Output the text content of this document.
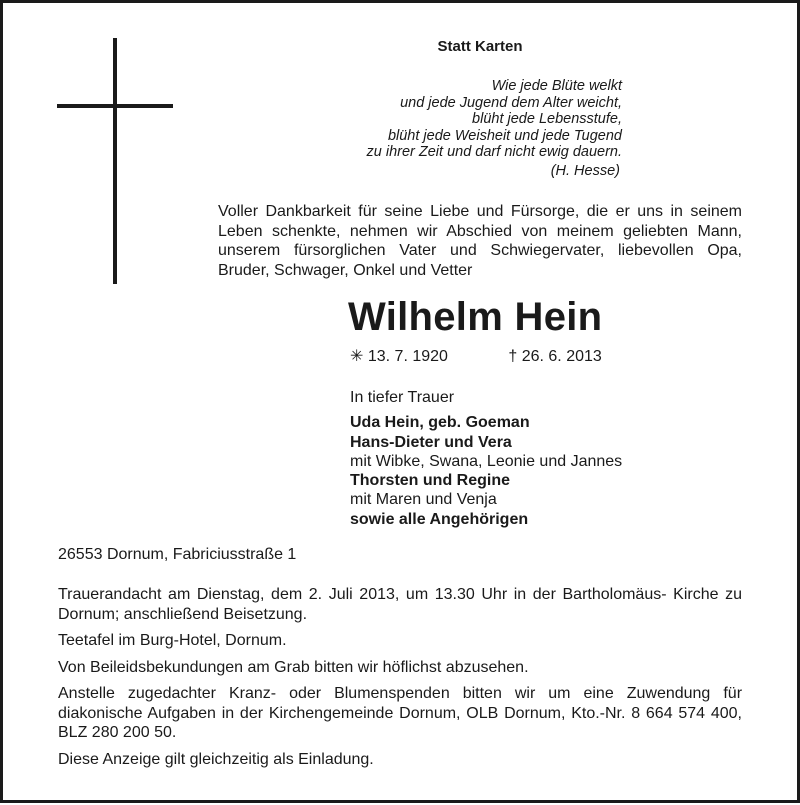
Statt Karten
Wie jede Blüte welkt
und jede Jugend dem Alter weicht,
blüht jede Lebensstufe,
blüht jede Weisheit und jede Tugend
zu ihrer Zeit und darf nicht ewig dauern.
(H. Hesse)
Voller Dankbarkeit für seine Liebe und Fürsorge, die er uns in seinem Leben schenkte, nehmen wir Abschied von meinem geliebten Mann, unserem fürsorglichen Vater und Schwiegervater, liebevollen Opa, Bruder, Schwager, Onkel und Vetter
Wilhelm Hein
✳ 13. 7. 1920	† 26. 6. 2013
In tiefer Trauer
Uda Hein, geb. Goeman
Hans-Dieter und Vera
mit Wibke, Swana, Leonie und Jannes
Thorsten und Regine
mit Maren und Venja
sowie alle Angehörigen
26553 Dornum, Fabriciusstraße 1

Trauerandacht am Dienstag, dem 2. Juli 2013, um 13.30 Uhr in der Bartholomäus- Kirche zu Dornum; anschließend Beisetzung.

Teetafel im Burg-Hotel, Dornum.

Von Beileidsbekundungen am Grab bitten wir höflichst abzusehen.

Anstelle zugedachter Kranz- oder Blumenspenden bitten wir um eine Zuwendung für diakonische Aufgaben in der Kirchengemeinde Dornum, OLB Dornum, Kto.-Nr. 8 664 574 400, BLZ 280 200 50.

Diese Anzeige gilt gleichzeitig als Einladung.
